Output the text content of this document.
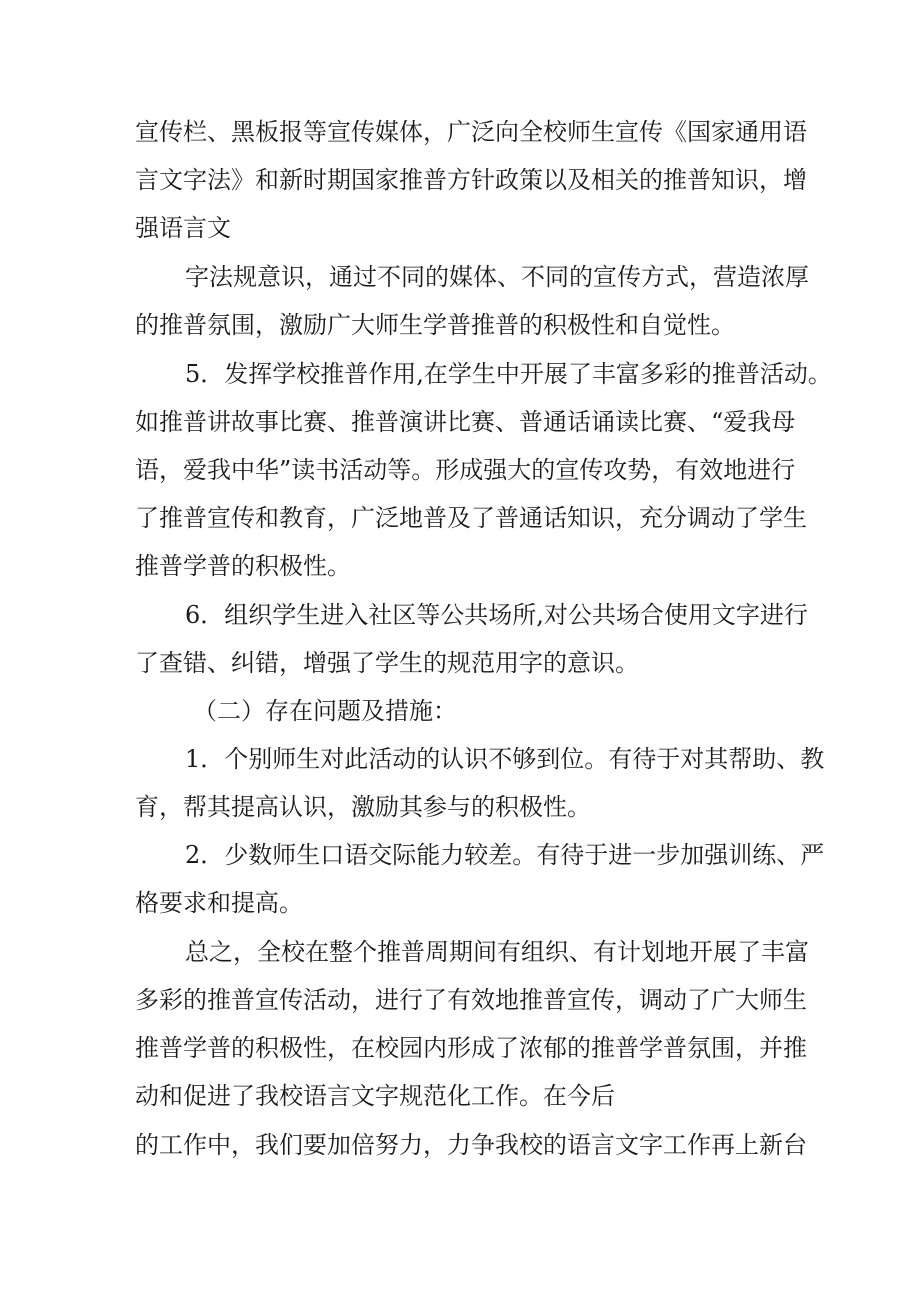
宣传栏、黑板报等宣传媒体，广泛向全校师生宣传《国家通用语

言文字法》和新时期国家推普方针政策以及相关的推普知识，增

强语言文

字法规意识，通过不同的媒体、不同的宣传方式，营造浓厚

的推普氛围，激励广大师生学普推普的积极性和自觉性。

5．发挥学校推普作用,在学生中开展了丰富多彩的推普活动。

如推普讲故事比赛、推普演讲比赛、普通话诵读比赛、“爱我母

语，爱我中华”读书活动等。形成强大的宣传攻势，有效地进行

了推普宣传和教育，广泛地普及了普通话知识，充分调动了学生

推普学普的积极性。

6．组织学生进入社区等公共场所,对公共场合使用文字进行

了查错、纠错，增强了学生的规范用字的意识。

（二）存在问题及措施：

1．个别师生对此活动的认识不够到位。有待于对其帮助、教

育，帮其提高认识，激励其参与的积极性。

2．少数师生口语交际能力较差。有待于进一步加强训练、严

格要求和提高。

总之，全校在整个推普周期间有组织、有计划地开展了丰富

多彩的推普宣传活动，进行了有效地推普宣传，调动了广大师生

推普学普的积极性，在校园内形成了浓郁的推普学普氛围，并推

动和促进了我校语言文字规范化工作。在今后

的工作中，我们要加倍努力，力争我校的语言文字工作再上新台
